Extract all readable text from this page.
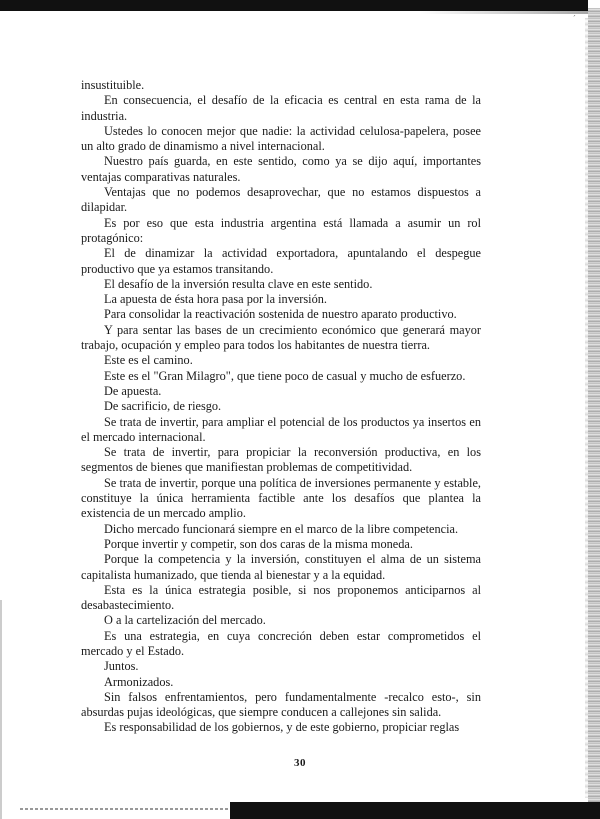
ˊ

insustituible.

En consecuencia, el desafío de la eficacia es central en esta rama de la industria.

Ustedes lo conocen mejor que nadie: la actividad celulosa-papelera, posee un alto grado de dinamismo a nivel internacional.

Nuestro país guarda, en este sentido, como ya se dijo aquí, importantes ventajas comparativas naturales.

Ventajas que no podemos desaprovechar, que no estamos dispuestos a dilapidar.

Es por eso que esta industria argentina está llamada a asumir un rol protagónico:

El de dinamizar la actividad exportadora, apuntalando el despegue productivo que ya estamos transitando.

El desafío de la inversión resulta clave en este sentido.

La apuesta de ésta hora pasa por la inversión.

Para consolidar la reactivación sostenida de nuestro aparato productivo.

Y para sentar las bases de un crecimiento económico que generará mayor trabajo, ocupación y empleo para todos los habitantes de nuestra tierra.

Este es el camino.

Este es el "Gran Milagro", que tiene poco de casual y mucho de esfuerzo.

De apuesta.

De sacrificio, de riesgo.

Se trata de invertir, para ampliar el potencial de los productos ya insertos en el mercado internacional.

Se trata de invertir, para propiciar la reconversión productiva, en los segmentos de bienes que manifiestan problemas de competitividad.

Se trata de invertir, porque una política de inversiones permanente y estable, constituye la única herramienta factible ante los desafíos que plantea la existencia de un mercado amplio.

Dicho mercado funcionará siempre en el marco de la libre competencia.

Porque invertir y competir, son dos caras de la misma moneda.

Porque la competencia y la inversión, constituyen el alma de un sistema capitalista humanizado, que tienda al bienestar y a la equidad.

Esta es la única estrategia posible, si nos proponemos anticiparnos al desabastecimiento.

O a la cartelización del mercado.

Es una estrategia, en cuya concreción deben estar comprometidos el mercado y el Estado.

Juntos.

Armonizados.

Sin falsos enfrentamientos, pero fundamentalmente -recalco esto-, sin absurdas pujas ideológicas, que siempre conducen a callejones sin salida.

Es responsabilidad de los gobiernos, y de este gobierno, propiciar reglas

30
